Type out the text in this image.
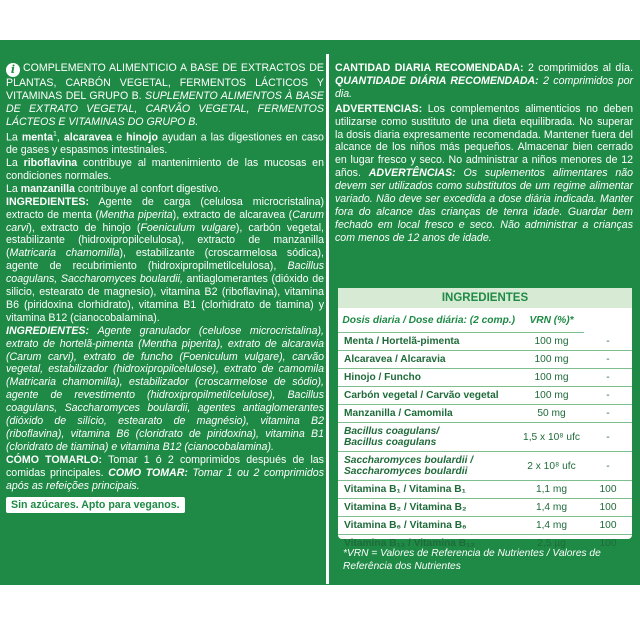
i COMPLEMENTO ALIMENTICIO A BASE DE EXTRACTOS DE PLANTAS, CARBÓN VEGETAL, FERMENTOS LÁCTICOS Y VITAMINAS DEL GRUPO B. SUPLEMENTO ALIMENTOS À BASE DE EXTRATO VEGETAL, CARVÃO VEGETAL, FERMENTOS LÁCTEOS E VITAMINAS DO GRUPO B.

La menta$^1$, alcaravea e hinojo ayudan a las digestiones en caso de gases y espasmos intestinales.

La riboflavina contribuye al mantenimiento de las mucosas en condiciones normales.

La manzanilla contribuye al confort digestivo.

INGREDIENTES: Agente de carga (celulosa microcristalina) extracto de menta (Mentha piperita), extracto de alcaravea (Carum carvi), extracto de hinojo (Foeniculum vulgare), carbón vegetal, estabilizante (hidroxipropilcelulosa), extracto de manzanilla (Matricaria chamomilla), estabilizante (croscarmelosa sódica), agente de recubrimiento (hidroxipropilmetilcelulosa), Bacillus coagulans, Saccharomyces boulardii, antiaglomerantes (dióxido de silicio, estearato de magnesio), vitamina B2 (riboflavina), vitamina B6 (piridoxina clorhidrato), vitamina B1 (clorhidrato de tiamina) y vitamina B12 (cianocobalamina).

INGREDIENTES: Agente granulador (celulose microcristalina), extrato de hortelã-pimenta (Mentha piperita), extrato de alcaravia (Carum carvi), extrato de funcho (Foeniculum vulgare), carvão vegetal, estabilizador (hidroxipropilcelulose), extrato de camomila (Matricaria chamomilla), estabilizador (croscarmelose de sódio), agente de revestimento (hidroxipropilmetilcelulose), Bacillus coagulans, Saccharomyces boulardii, agentes antiaglomerantes (dióxido de silício, estearato de magnésio), vitamina B2 (riboflavina), vitamina B6 (cloridrato de piridoxina), vitamina B1 (cloridrato de tiamina) e vitamina B12 (cianocobalamina).

CÓMO TOMARLO: Tomar 1 ó 2 comprimidos después de las comidas principales. COMO TOMAR: Tomar 1 ou 2 comprimidos após as refeições principais.

Sin azúcares. Apto para veganos.

CANTIDAD DIARIA RECOMENDADA: 2 comprimidos al día. QUANTIDADE DIÁRIA RECOMENDADA: 2 comprimidos por dia.

ADVERTENCIAS: Los complementos alimenticios no deben utilizarse como sustituto de una dieta equilibrada. No superar la dosis diaria expresamente recomendada. Mantener fuera del alcance de los niños más pequeños. Almacenar bien cerrado en lugar fresco y seco. No administrar a niños menores de 12 años. ADVERTÊNCIAS: Os suplementos alimentares não devem ser utilizados como substitutos de um regime alimentar variado. Não deve ser excedida a dose diária indicada. Manter fora do alcance das crianças de tenra idade. Guardar bem fechado em local fresco e seco. Não administrar a crianças com menos de 12 anos de idade.

INGREDIENTES
Dosis diaria / Dose diária: (2 comp.)	VRN (%)*	
Menta / Hortelã-pimenta	100 mg	-
Alcaravea / Alcaravia	100 mg	-
Hinojo / Funcho	100 mg	-
Carbón vegetal / Carvão vegetal	100 mg	-
Manzanilla / Camomila	50 mg	-
Bacillus coagulans/
Bacillus coagulans	1,5 x 10⁸ ufc	-
Saccharomyces boulardii /
Saccharomyces boulardii	2 x 10⁸ ufc	-
Vitamina B₁ / Vitamina B₁	1,1 mg	100
Vitamina B₂ / Vitamina B₂	1,4 mg	100
Vitamina B₆ / Vitamina B₆	1,4 mg	100
Vitamina B₁₂ / Vitamina B₁₂	2,5 µg	100
*VRN = Valores de Referencia de Nutrientes / Valores de Referência dos Nutrientes
